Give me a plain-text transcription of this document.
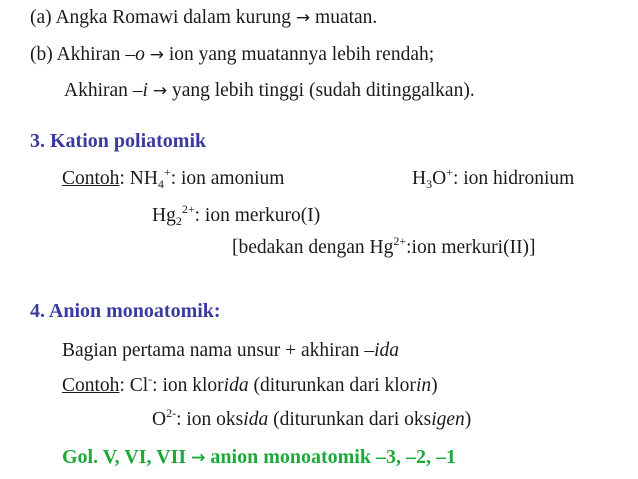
(a) Angka Romawi dalam kurung → muatan.
(b) Akhiran –o → ion yang muatannya lebih rendah;
Akhiran –i → yang lebih tinggi (sudah ditinggalkan).
3. Kation poliatomik
Contoh: $NH_4^+$: ion amonium	$H_3O^+$: ion hidronium
$Hg_2^{2+}$: ion merkuro(I)
[bedakan dengan $Hg^{2+}:ion$ merkuri(II)]
4. Anion monoatomik:
Bagian pertama nama unsur + akhiran –ida
Contoh: Cl-: ion klorida (diturunkan dari klorin)
$O^{2-}$: ion oksida (diturunkan dari oksigen)
Gol. V, VI, VII → anion monoatomik –3, –2, –1
